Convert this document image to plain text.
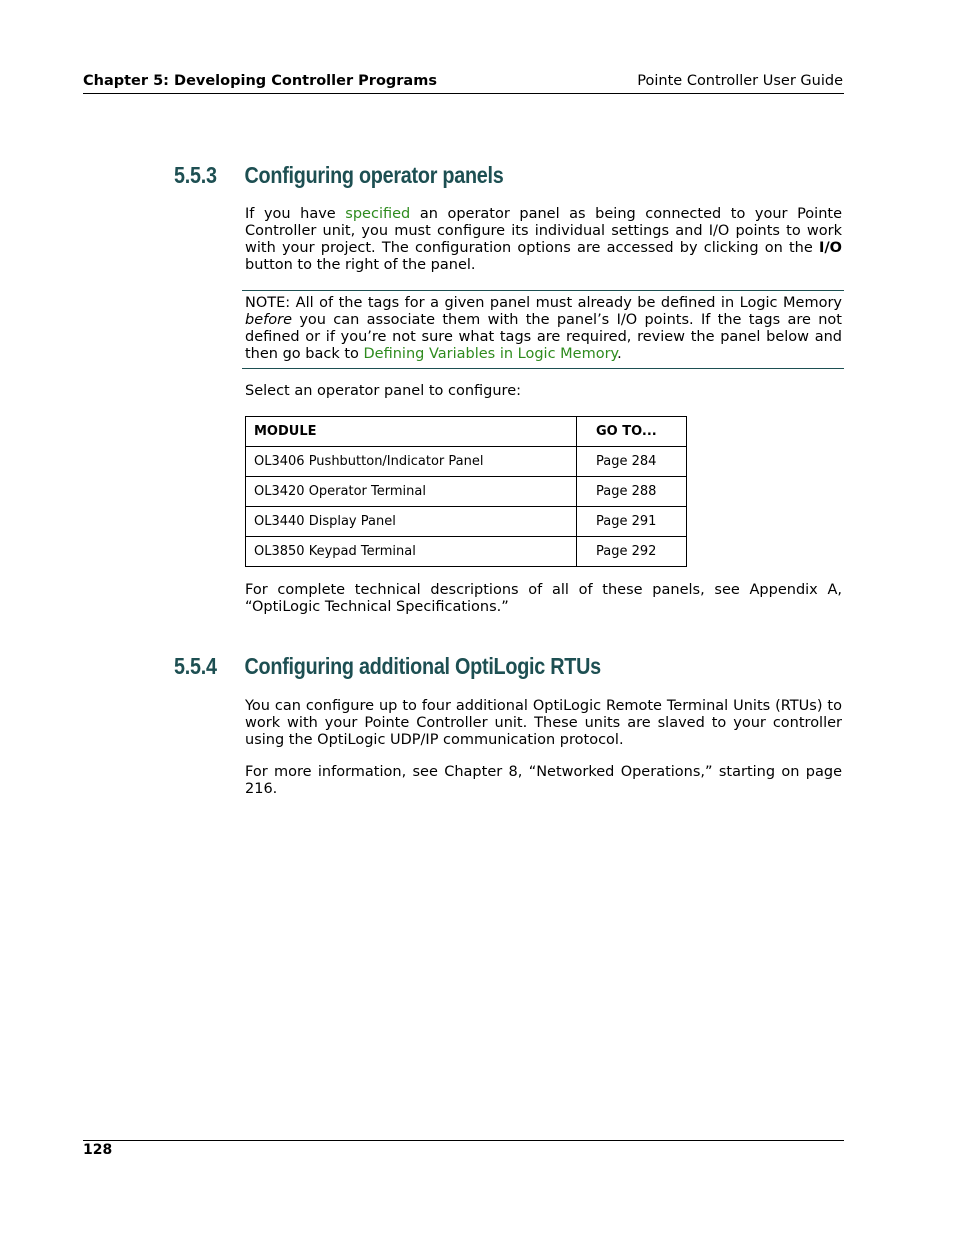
Chapter 5: Developing Controller Programs	Pointe Controller User Guide
5.5.3 Configuring operator panels
If you have specified an operator panel as being connected to your Pointe Controller unit, you must configure its individual settings and I/O points to work with your project. The configuration options are accessed by clicking on the I/O button to the right of the panel.
NOTE: All of the tags for a given panel must already be defined in Logic Memory before you can associate them with the panel’s I/O points. If the tags are not defined or if you’re not sure what tags are required, review the panel below and then go back to Defining Variables in Logic Memory.
Select an operator panel to configure:
MODULE	GO TO...
OL3406 Pushbutton/Indicator Panel	Page 284
OL3420 Operator Terminal	Page 288
OL3440 Display Panel	Page 291
OL3850 Keypad Terminal	Page 292
For complete technical descriptions of all of these panels, see Appendix A, “OptiLogic Technical Specifications.”
5.5.4 Configuring additional OptiLogic RTUs
You can configure up to four additional OptiLogic Remote Terminal Units (RTUs) to work with your Pointe Controller unit. These units are slaved to your controller using the OptiLogic UDP/IP communication protocol.
For more information, see Chapter 8, “Networked Operations,” starting on page 216.
128
